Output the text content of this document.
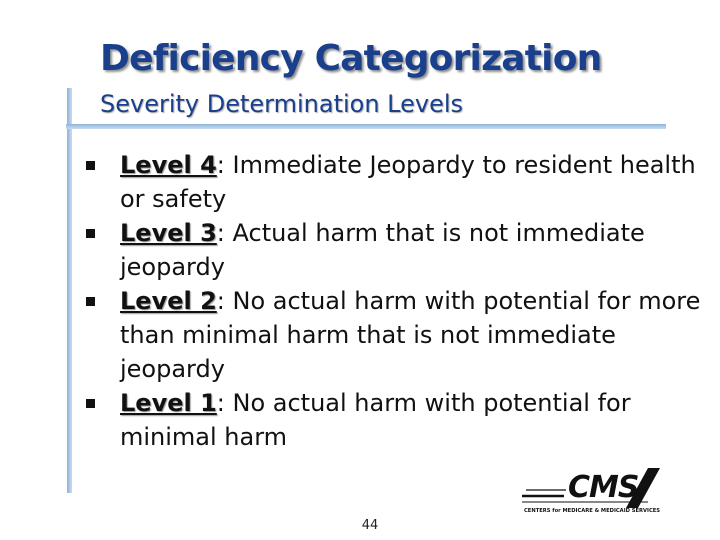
Deficiency Categorization
Severity Determination Levels
Level 4: Immediate Jeopardy to resident health or safety
Level 3: Actual harm that is not immediate jeopardy
Level 2: No actual harm with potential for more than minimal harm that is not immediate jeopardy
Level 1: No actual harm with potential for minimal harm
CMS
CENTERS for MEDICARE & MEDICAID SERVICES
44
